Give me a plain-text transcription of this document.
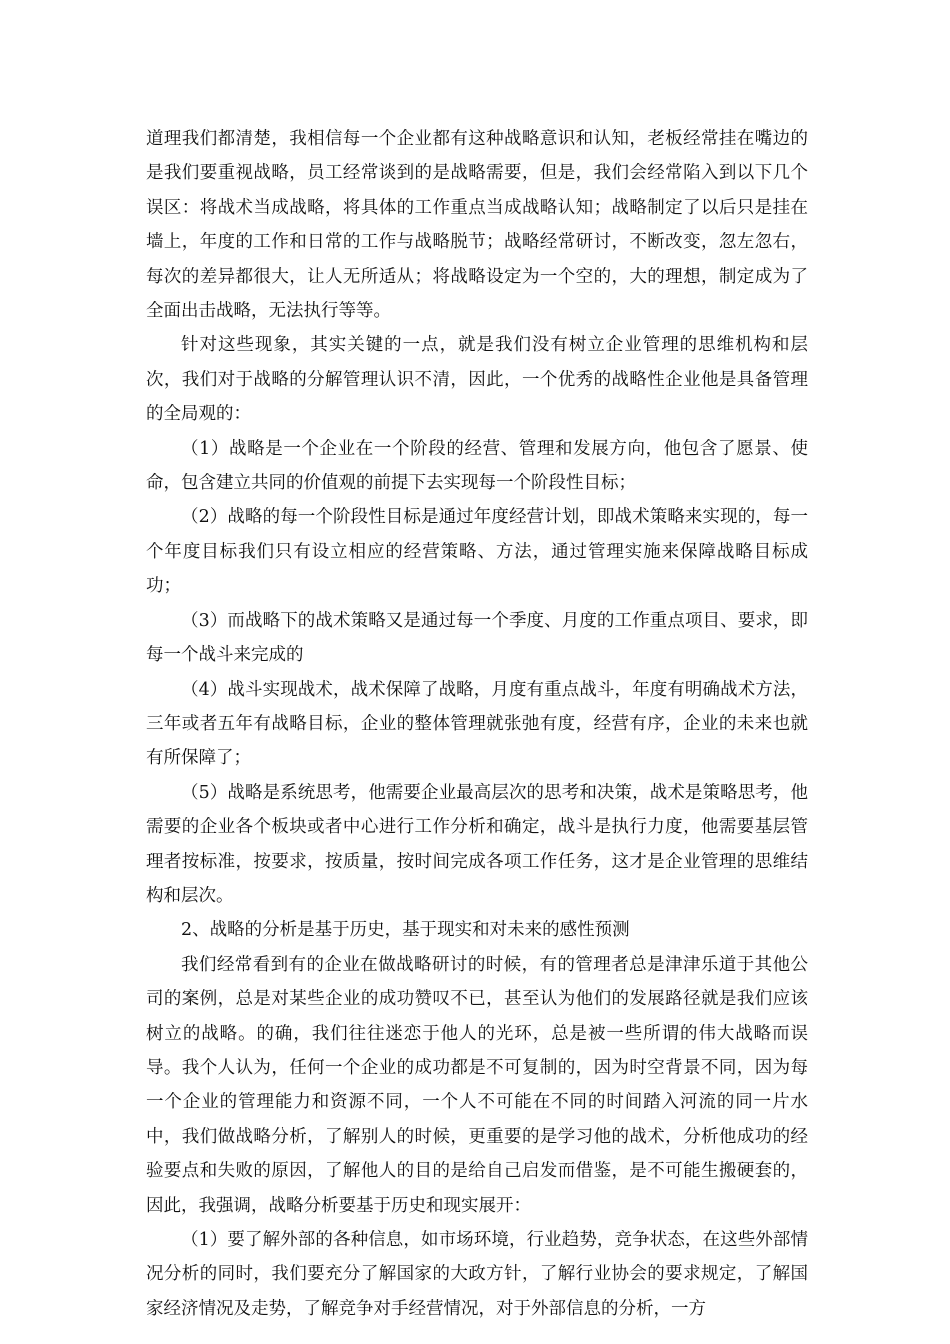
道理我们都清楚，我相信每一个企业都有这种战略意识和认知，老板经常挂在嘴边的是我们要重视战略，员工经常谈到的是战略需要，但是，我们会经常陷入到以下几个误区：将战术当成战略，将具体的工作重点当成战略认知；战略制定了以后只是挂在墙上，年度的工作和日常的工作与战略脱节；战略经常研讨，不断改变，忽左忽右，每次的差异都很大，让人无所适从；将战略设定为一个空的，大的理想，制定成为了全面出击战略，无法执行等等。

针对这些现象，其实关键的一点，就是我们没有树立企业管理的思维机构和层次，我们对于战略的分解管理认识不清，因此，一个优秀的战略性企业他是具备管理的全局观的：

（1）战略是一个企业在一个阶段的经营、管理和发展方向，他包含了愿景、使命，包含建立共同的价值观的前提下去实现每一个阶段性目标；

（2）战略的每一个阶段性目标是通过年度经营计划，即战术策略来实现的，每一个年度目标我们只有设立相应的经营策略、方法，通过管理实施来保障战略目标成功；

（3）而战略下的战术策略又是通过每一个季度、月度的工作重点项目、要求，即每一个战斗来完成的

（4）战斗实现战术，战术保障了战略，月度有重点战斗，年度有明确战术方法，三年或者五年有战略目标，企业的整体管理就张弛有度，经营有序，企业的未来也就有所保障了；

（5）战略是系统思考，他需要企业最高层次的思考和决策，战术是策略思考，他需要的企业各个板块或者中心进行工作分析和确定，战斗是执行力度，他需要基层管理者按标准，按要求，按质量，按时间完成各项工作任务，这才是企业管理的思维结构和层次。

2、战略的分析是基于历史，基于现实和对未来的感性预测

我们经常看到有的企业在做战略研讨的时候，有的管理者总是津津乐道于其他公司的案例，总是对某些企业的成功赞叹不已，甚至认为他们的发展路径就是我们应该树立的战略。的确，我们往往迷恋于他人的光环，总是被一些所谓的伟大战略而误导。我个人认为，任何一个企业的成功都是不可复制的，因为时空背景不同，因为每一个企业的管理能力和资源不同，一个人不可能在不同的时间踏入河流的同一片水中，我们做战略分析，了解别人的时候，更重要的是学习他的战术，分析他成功的经验要点和失败的原因，了解他人的目的是给自己启发而借鉴，是不可能生搬硬套的，因此，我强调，战略分析要基于历史和现实展开：

（1）要了解外部的各种信息，如市场环境，行业趋势，竞争状态，在这些外部情况分析的同时，我们要充分了解国家的大政方针，了解行业协会的要求规定，了解国家经济情况及走势，了解竞争对手经营情况，对于外部信息的分析，一方
